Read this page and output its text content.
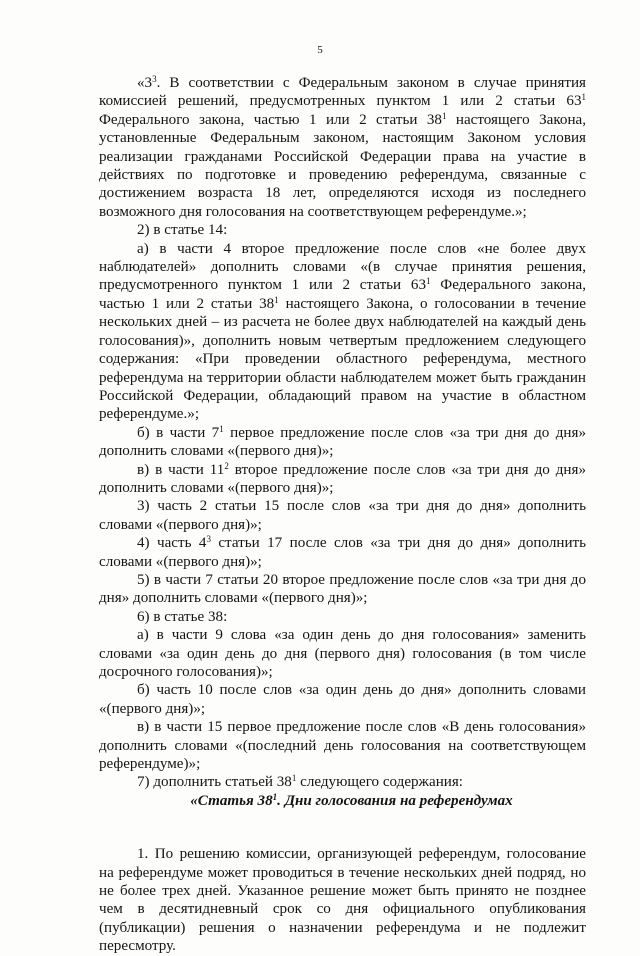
5

«$3^3$. В соответствии с Федеральным законом в случае принятия комиссией решений, предусмотренных пунктом 1 или 2 статьи $63^1$ Федерального закона, частью 1 или 2 статьи $38^1$ настоящего Закона, установленные Федеральным законом, настоящим Законом условия реализации гражданами Российской Федерации права на участие в действиях по подготовке и проведению референдума, связанные с достижением возраста 18 лет, определяются исходя из последнего возможного дня голосования на соответствующем референдуме.»;

2) в статье 14:

а) в части 4 второе предложение после слов «не более двух наблюдателей» дополнить словами «(в случае принятия решения, предусмотренного пунктом 1 или 2 статьи $63^1$ Федерального закона, частью 1 или 2 статьи $38^1$ настоящего Закона, о голосовании в течение нескольких дней – из расчета не более двух наблюдателей на каждый день голосования)», дополнить новым четвертым предложением следующего содержания: «При проведении областного референдума, местного референдума на территории области наблюдателем может быть гражданин Российской Федерации, обладающий правом на участие в областном референдуме.»;

б) в части $7^1$ первое предложение после слов «за три дня до дня» дополнить словами «(первого дня)»;

в) в части $11^2$ второе предложение после слов «за три дня до дня» дополнить словами «(первого дня)»;

3) часть 2 статьи 15 после слов «за три дня до дня» дополнить словами «(первого дня)»;

4) часть $4^3$ статьи 17 после слов «за три дня до дня» дополнить словами «(первого дня)»;

5) в части 7 статьи 20 второе предложение после слов «за три дня до дня» дополнить словами «(первого дня)»;

6) в статье 38:

а) в части 9 слова «за один день до дня голосования» заменить словами «за один день до дня (первого дня) голосования (в том числе досрочного голосования)»;

б) часть 10 после слов «за один день до дня» дополнить словами «(первого дня)»;

в) в части 15 первое предложение после слов «В день голосования» дополнить словами «(последний день голосования на соответствующем референдуме)»;

7) дополнить статьей $38^1$ следующего содержания:

«Статья $38^1$. Дни голосования на референдумах

1. По решению комиссии, организующей референдум, голосование на референдуме может проводиться в течение нескольких дней подряд, но не более трех дней. Указанное решение может быть принято не позднее чем в десятидневный срок со дня официального опубликования (публикации) решения о назначении референдума и не подлежит пересмотру.
